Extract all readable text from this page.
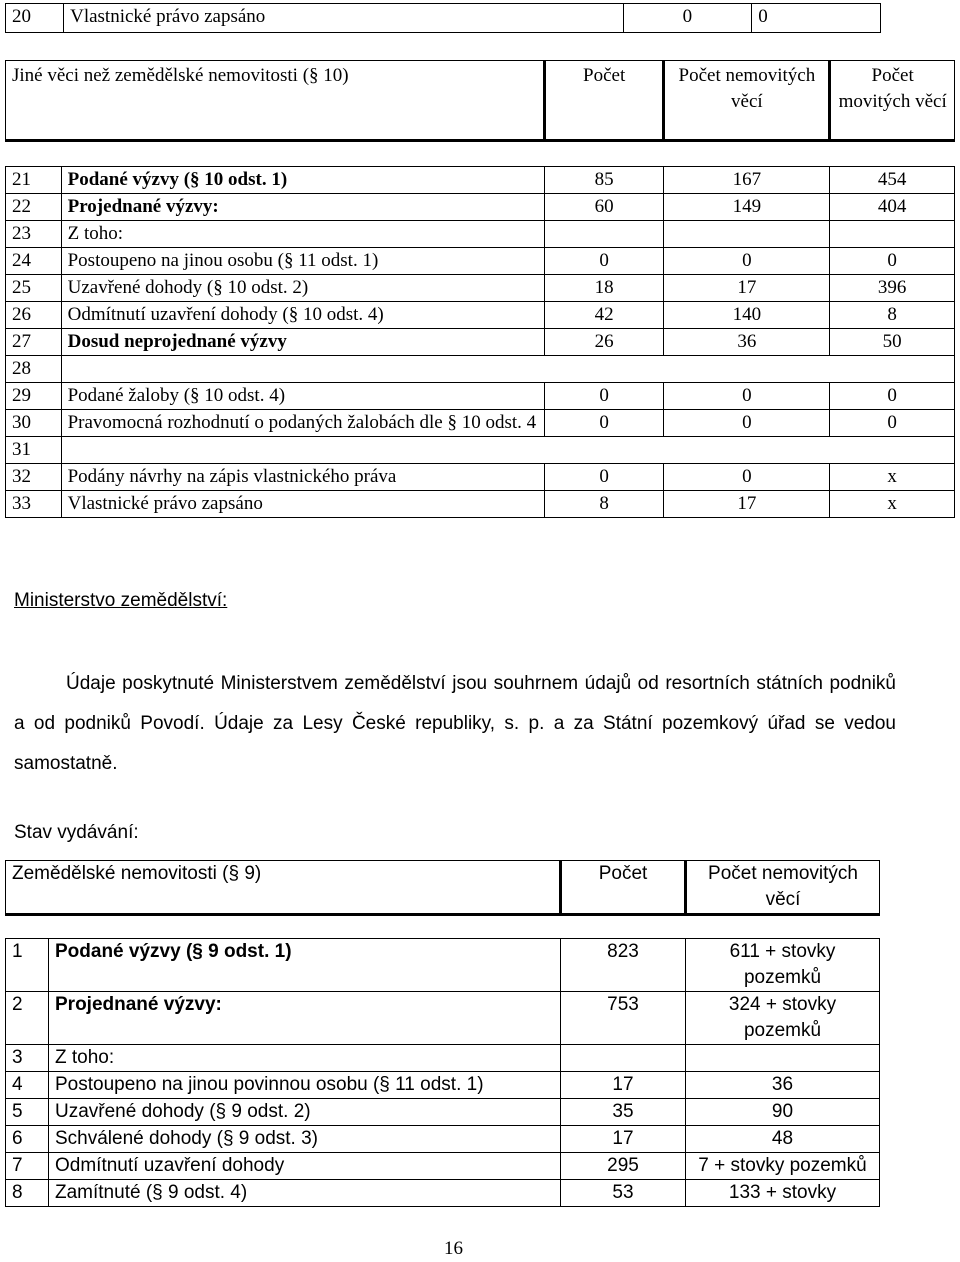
20	Vlastnické právo zapsáno	0	0
Jiné věci než zemědělské nemovitosti (§ 10)		Počet	Počet nemovitých věcí	Počet movitých věcí

21	Podané výzvy (§ 10 odst. 1)	85	167	454
22	Projednané výzvy:	60	149	404
23	Z toho:			
24	Postoupeno na jinou osobu (§ 11 odst. 1)	0	0	0
25	Uzavřené dohody (§ 10 odst. 2)	18	17	396
26	Odmítnutí uzavření dohody (§ 10 odst. 4)	42	140	8
27	Dosud neprojednané výzvy	26	36	50
28				
29	Podané žaloby (§ 10 odst. 4)	0	0	0
30	Pravomocná rozhodnutí o podaných žalobách dle § 10 odst. 4	0	0	0
31				
32	Podány návrhy na zápis vlastnického práva	0	0	x
33	Vlastnické právo zapsáno	8	17	x
Ministerstvo zemědělství:
Údaje poskytnuté Ministerstvem zemědělství jsou souhrnem údajů od resortních státních podniků a od podniků Povodí. Údaje za Lesy České republiky, s. p. a za Státní pozemkový úřad se vedou samostatně.
Stav vydávání:
Zemědělské nemovitosti (§ 9)		Počet	Počet nemovitých věcí

1	Podané výzvy (§ 9 odst. 1)	823	611 + stovky pozemků
2	Projednané výzvy:	753	324 + stovky pozemků
3	Z toho:		
4	Postoupeno na jinou povinnou osobu (§ 11 odst. 1)	17	36
5	Uzavřené dohody (§ 9 odst. 2)	35	90
6	Schválené dohody (§ 9 odst. 3)	17	48
7	Odmítnutí uzavření dohody	295	7 + stovky pozemků
8	Zamítnuté (§ 9 odst. 4)	53	133 + stovky
16
